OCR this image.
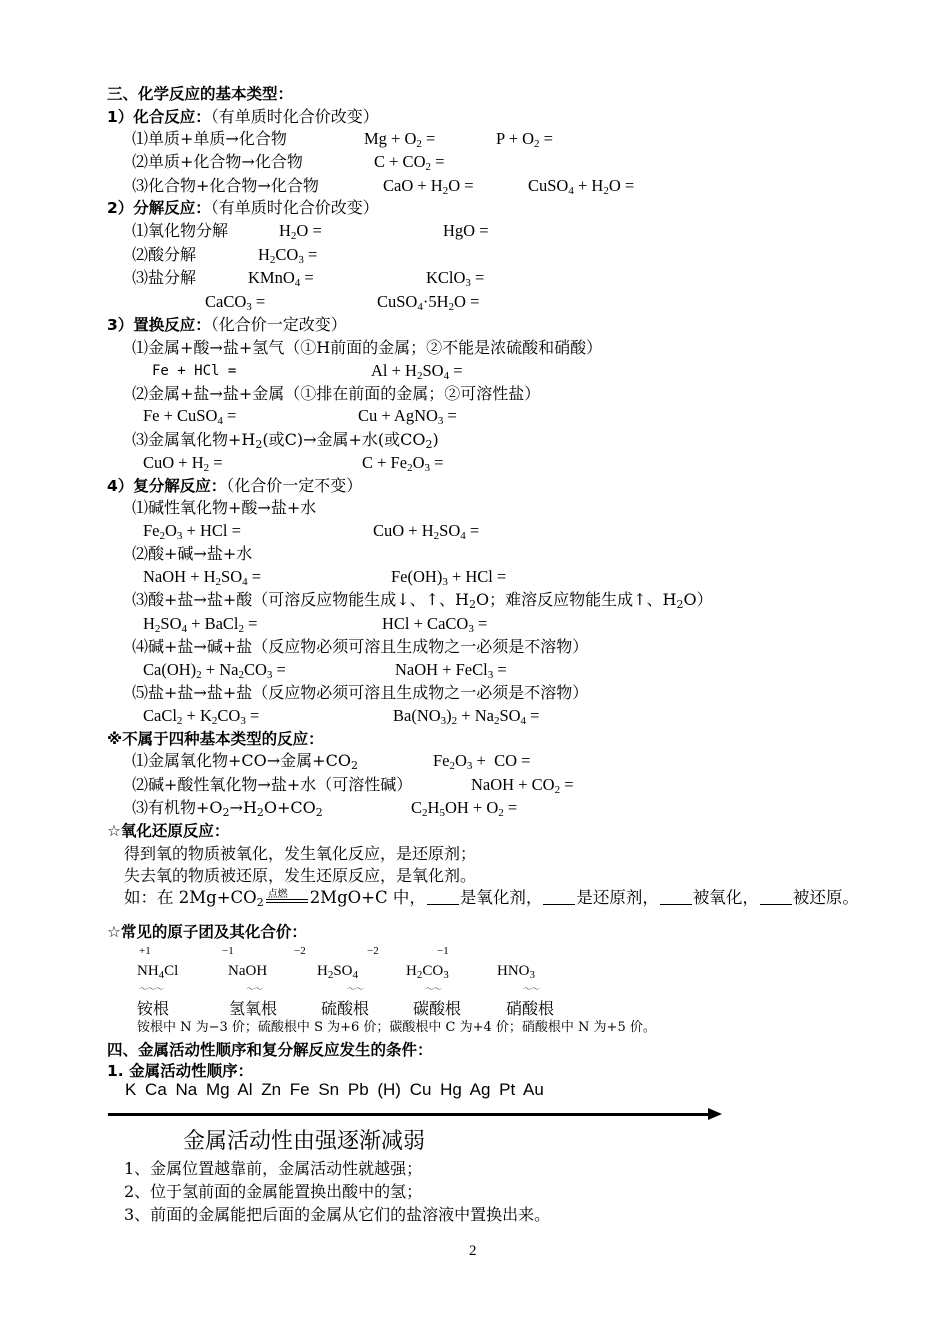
三、化学反应的基本类型：
1）化合反应：（有单质时化合价改变）
⑴单质+单质→化合物	$Mg + O_2$ =	$P + O_2$ =
⑵单质+化合物→化合物	$C + CO_2$ =
⑶化合物+化合物→化合物	CaO + $H_2O$ =	CuSO$_4$ + $H_2O$ =
2）分解反应：（有单质时化合价改变）
⑴氧化物分解	$H_2O$ =	HgO =
⑵酸分解	$H_2CO_3$ =
⑶盐分解	KMnO$_4$ =	KClO$_3$ =
CaCO$_3$ =	$CuSO_4\cdot 5H_2O$ =
3）置换反应：（化合价一定改变）
⑴金属+酸→盐+氢气（①H前面的金属；②不能是浓硫酸和硝酸）
Fe + HCl =	$Al + H_2SO_4$ =
⑵金属+盐→盐+金属（①排在前面的金属；②可溶性盐）
Fe + CuSO$_4$ =	Cu + AgNO$_3$ =
⑶金属氧化物$+H_2$(或C)→金属+水(或$CO_2$)
CuO + $H_2$ =	$C + Fe_2O_3$ =
4）复分解反应：（化合价一定不变）
⑴碱性氧化物+酸→盐+水
$Fe_2O_3$ + HCl =	CuO + $H_2SO_4$ =
⑵酸+碱→盐+水
NaOH + $H_2SO_4$ =	$Fe(OH)_3$ + HCl =
⑶酸+盐→盐+酸（可溶反应物能生成↓、↑、$H_2O$；难溶反应物能生成↑、$H_2O$）
$H_2SO_4$ + BaCl$_2$ =	HCl + CaCO$_3$ =
⑷碱+盐→碱+盐（反应物必须可溶且生成物之一必须是不溶物）
$Ca(OH)_2 + Na_2CO_3$ =	NaOH + FeCl$_3$ =
⑸盐+盐→盐+盐（反应物必须可溶且生成物之一必须是不溶物）
CaCl$_2$ + $K_2CO_3$ =	$Ba(NO_3)_2 + Na_2SO_4$ =
※不属于四种基本类型的反应：
⑴金属氧化物+CO→金属$+CO_2$	$Fe_2O_3$ +  CO =
⑵碱+酸性氧化物→盐+水（可溶性碱）	NaOH + $CO_2$ =
⑶有机物$+O_2\to H_2O+CO_2$	$C_2H_5OH + O_2$ =
☆氧化还原反应：
得到氧的物质被氧化，发生氧化反应，是还原剂；
失去氧的物质被还原，发生还原反应，是氧化剂。
如：在 $2Mg+CO_2$
点燃 2MgO+C 中， 是氧化剂， 是还原剂， 被氧化， 被还原。
☆常见的原子团及其化合价：
+1	−1	−2	−2	−1
$NH_4Cl$	NaOH	$H_2SO_4$	$H_2CO_3$	$HNO_3$
～～～	～～	～～	～～	～～
铵根	氢氧根	硫酸根	碳酸根	硝酸根
铵根中 N 为−3 价；硫酸根中 S 为+6 价；碳酸根中 C 为+4 价；硝酸根中 N 为+5 价。
四、金属活动性顺序和复分解反应发生的条件：
1. 金属活动性顺序：
K Ca Na Mg Al Zn Fe Sn Pb (H) Cu Hg Ag Pt Au
金属活动性由强逐渐减弱
1、金属位置越靠前，金属活动性就越强；
2、位于氢前面的金属能置换出酸中的氢；
3、前面的金属能把后面的金属从它们的盐溶液中置换出来。
2
